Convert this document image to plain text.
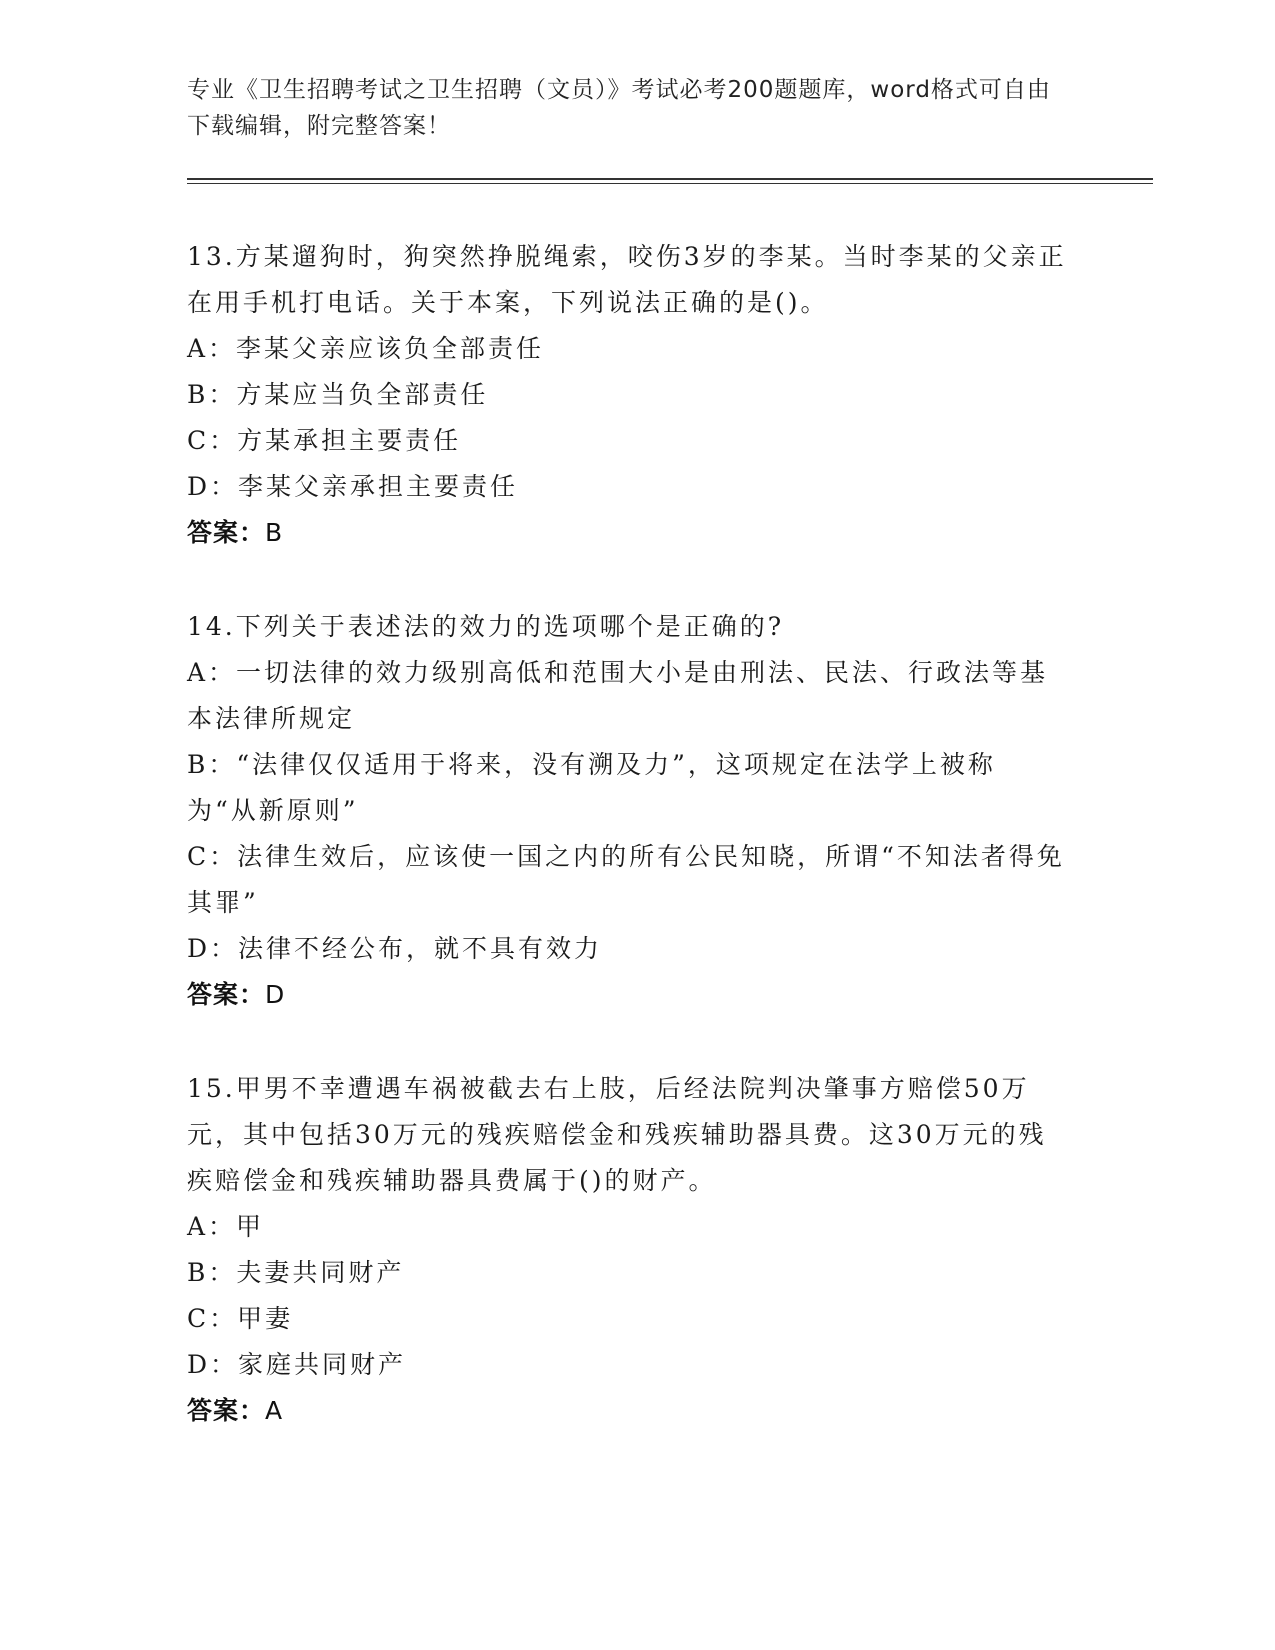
专业《卫生招聘考试之卫生招聘（文员）》考试必考200题题库，word格式可自由下载编辑，附完整答案！
13.方某遛狗时，狗突然挣脱绳索，咬伤3岁的李某。当时李某的父亲正在用手机打电话。关于本案，下列说法正确的是()。
A：李某父亲应该负全部责任
B：方某应当负全部责任
C：方某承担主要责任
D：李某父亲承担主要责任
答案：B
14.下列关于表述法的效力的选项哪个是正确的?
A：一切法律的效力级别高低和范围大小是由刑法、民法、行政法等基本法律所规定
B：“法律仅仅适用于将来，没有溯及力”，这项规定在法学上被称为“从新原则”
C：法律生效后，应该使一国之内的所有公民知晓，所谓“不知法者得免其罪”
D：法律不经公布，就不具有效力
答案：D
15.甲男不幸遭遇车祸被截去右上肢，后经法院判决肇事方赔偿50万元，其中包括30万元的残疾赔偿金和残疾辅助器具费。这30万元的残疾赔偿金和残疾辅助器具费属于()的财产。
A：甲
B：夫妻共同财产
C：甲妻
D：家庭共同财产
答案：A
